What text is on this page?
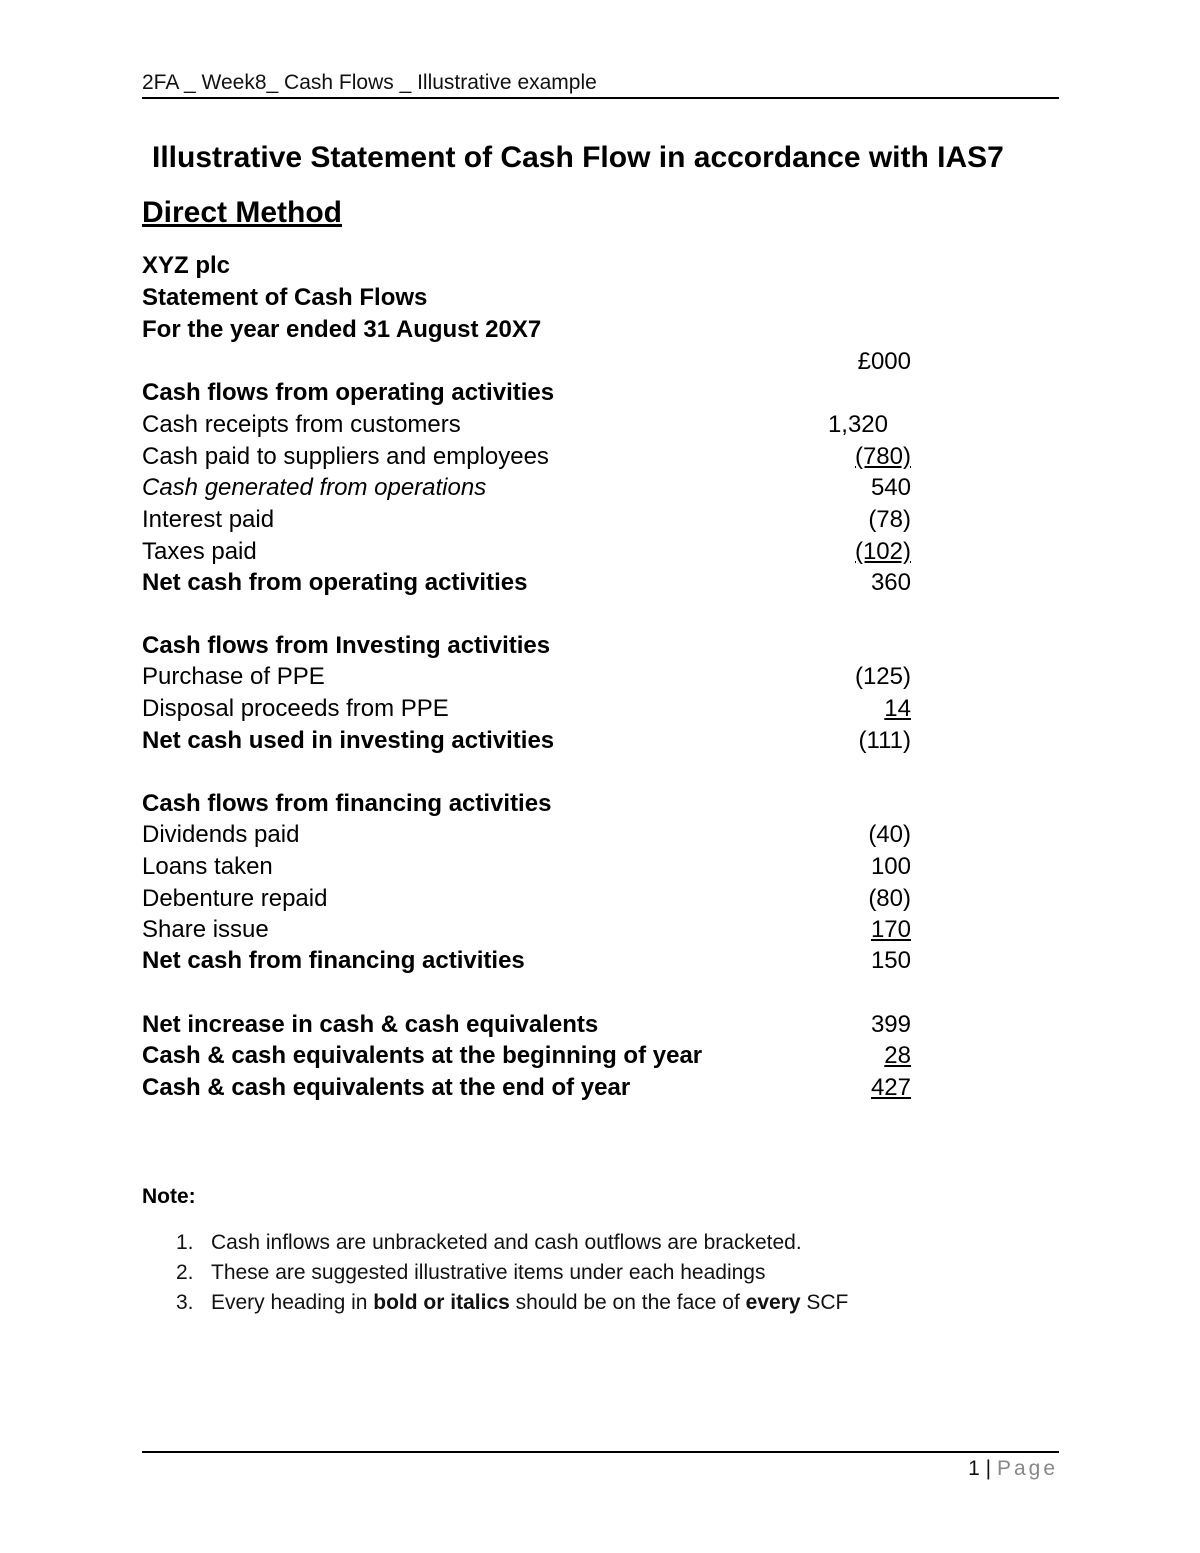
2FA _ Week8_ Cash Flows _ Illustrative example
Illustrative Statement of Cash Flow in accordance with IAS7
Direct Method
XYZ plc
Statement of Cash Flows
For the year ended 31 August 20X7
£000
Cash flows from operating activities
Cash receipts from customers	1,320
Cash paid to suppliers and employees	(780)
Cash generated from operations	540
Interest paid	(78)
Taxes paid	(102)
Net cash from operating activities	360
Cash flows from Investing activities
Purchase of PPE	(125)
Disposal proceeds from PPE	14
Net cash used in investing activities	(111)
Cash flows from financing activities
Dividends paid	(40)
Loans taken	100
Debenture repaid	(80)
Share issue	170
Net cash from financing activities	150
Net increase in cash & cash equivalents	399
Cash & cash equivalents at the beginning of year	28
Cash & cash equivalents at the end of year	427
Note:
1. Cash inflows are unbracketed and cash outflows are bracketed.
2. These are suggested illustrative items under each headings
3. Every heading in bold or italics should be on the face of every SCF
1 | Page
